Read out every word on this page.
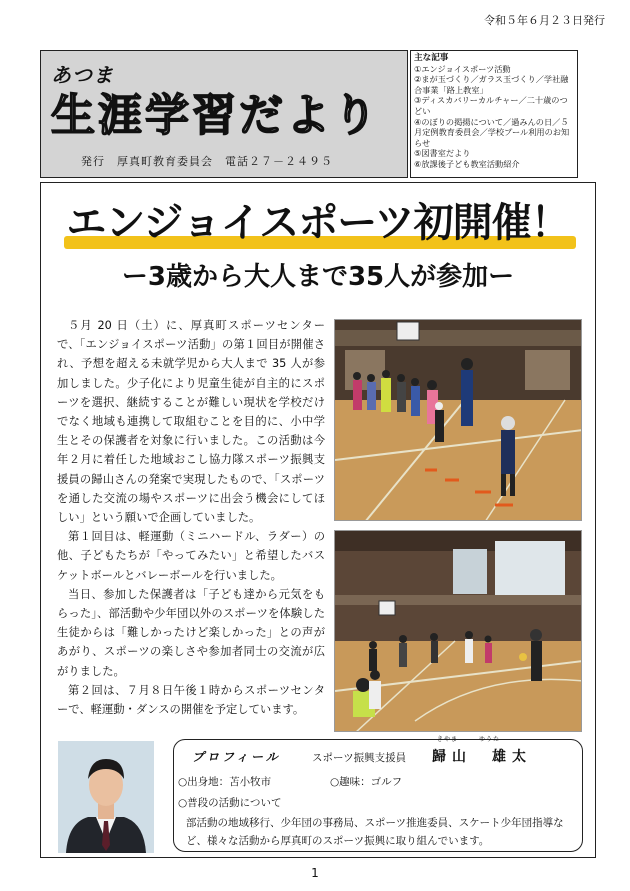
令和５年６月２３日発行
あつま
生涯学習だより
発行　厚真町教育委員会　電話２７－２４９５
主な記事
①エンジョイスポーツ活動
②まが玉づくり／ガラス玉づくり／学社融合事業「路上教室」
③ディスカバリーカルチャー／二十歳のつどい
④のぼりの掲揚について／過みんの日／５月定例教育委員会／学校プール利用のお知らせ
⑤図書室だより
⑥放課後子ども教室活動紹介
エンジョイスポーツ初開催！
ー3歳から大人まで35人が参加ー

５月 20 日（土）に、厚真町スポーツセンターで、「エンジョイスポーツ活動」の第１回目が開催され、予想を超える未就学児から大人まで 35 人が参加しました。少子化により児童生徒が自主的にスポーツを選択、継続することが難しい現状を学校だけでなく地域も連携して取組むことを目的に、小中学生とその保護者を対象に行いました。この活動は今年２月に着任した地域おこし協力隊スポーツ振興支援員の歸山さんの発案で実現したもので、「スポーツを通した交流の場やスポーツに出会う機会にしてほしい」という願いで企画していました。

第１回目は、軽運動（ミニハードル、ラダー）の他、子どもたちが「やってみたい」と希望したバスケットボールとバレーボールを行いました。

当日、参加した保護者は「子ども達から元気をもらった」、部活動や少年団以外のスポーツを体験した生徒からは「難しかったけど楽しかった」との声があがり、スポーツの楽しさや参加者同士の交流が広がりました。

第２回は、７月８日午後１時からスポーツセンターで、軽運動・ダンスの開催を予定しています。

プロフィール	スポーツ振興支援員
きやま	ゆうた
歸山　雄太
○出身地：苫小牧市	○趣味：ゴルフ
○普段の活動について
部活動の地域移行、少年団の事務局、スポーツ推進委員、スケート少年団指導など、様々な活動から厚真町のスポーツ振興に取り組んでいます。
1
